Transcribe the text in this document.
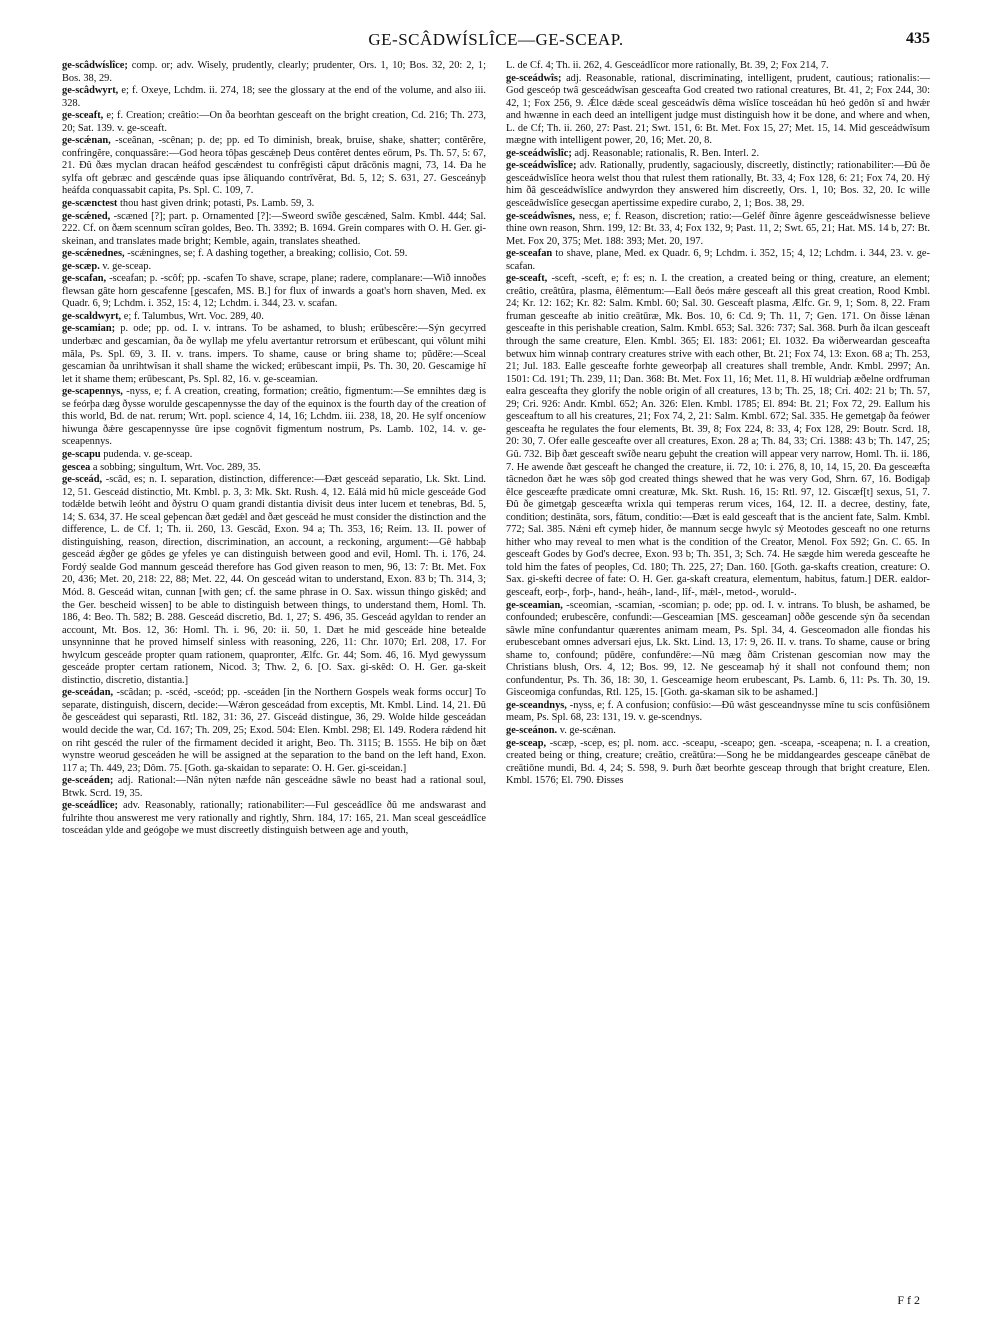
GE-SCÂDWÍSLÎCE—GE-SCEAP.	435

ge-scâdwíslîce; comp. or; adv. Wisely, prudently, clearly; prudenter, Ors. 1, 10; Bos. 32, 20: 2, 1; Bos. 38, 29.

ge-scâdwyrt, e; f. Oxeye, Lchdm. ii. 274, 18; see the glossary at the end of the volume, and also iii. 328.

ge-sceaft, e; f. Creation; creâtio:—On ða beorhtan gesceaft on the bright creation, Cd. 216; Th. 273, 20; Sat. 139. v. ge-sceaft.

ge-scǽnan, -sceânan, -scênan; p. de; pp. ed To diminish, break, bruise, shake, shatter; contĕrĕre, confringĕre, conquassâre:—God heora tôþas gescǽneþ Deus contĕret dentes eōrum, Ps. Th. 57, 5: 67, 21. Ðû ðæs myclan dracan heáfod gescǽndest tu confrēgisti căput drăcōnis magni, 73, 14. Ða he sylfa oft gebræc and gescǽnde quas ipse āliquando contrīvĕrat, Bd. 5, 12; S. 631, 27. Gesceányþ heáfda conquassabit capita, Ps. Spl. C. 109, 7.

ge-scænctest thou hast given drink; potasti, Ps. Lamb. 59, 3.

ge-scǽned, -scæned [?]; part. p. Ornamented [?]:—Sweord swîðe gescǽned, Salm. Kmbl. 444; Sal. 222. Cf. on ðæm scennum scîran goldes, Beo. Th. 3392; B. 1694. Grein compares with O. H. Ger. gi-skeinan, and translates made bright; Kemble, again, translates sheathed.

ge-scǽnednes, -scǽningnes, se; f. A dashing together, a breaking; collisio, Cot. 59.

ge-scæp. v. ge-sceap.

ge-scafan, -sceafan; p. -scôf; pp. -scafen To shave, scrape, plane; radere, complanare:—Wið innoðes flewsan gâte horn gescafenne [gescafen, MS. B.] for flux of inwards a goat's horn shaven, Med. ex Quadr. 6, 9; Lchdm. i. 352, 15: 4, 12; Lchdm. i. 344, 23. v. scafan.

ge-scaldwyrt, e; f. Talumbus, Wrt. Voc. 289, 40.

ge-scamian; p. ode; pp. od. I. v. intrans. To be ashamed, to blush; erŭbescĕre:—Sýn gecyrred underbæc and gescamian, ða ðe wyllaþ me yfelu avertantur retrorsum et erūbescant, qui vŏlunt mihi măla, Ps. Spl. 69, 3. II. v. trans. impers. To shame, cause or bring shame to; pŭdēre:—Sceal gescamian ða unrihtwîsan it shall shame the wicked; erūbescant impii, Ps. Th. 30, 20. Gescamige hî let it shame them; erūbescant, Ps. Spl. 82, 16. v. ge-sceamian.

ge-scapennys, -nyss, e; f. A creation, creating, formation; creâtio, figmentum:—Se emnihtes dæg is se feórþa dæg ðysse woruldе gescapennysse the day of the equinox is the fourth day of the creation of this world, Bd. de nat. rerum; Wrt. popl. science 4, 14, 16; Lchdm. iii. 238, 18, 20. He sylf onceníow hiwunga ðǽre gescapennysse ûre ipse cognōvit figmentum nostrum, Ps. Lamb. 102, 14. v. ge-sceapennys.

ge-scapu pudenda. v. ge-sceap.

gescea a sobbing; singultum, Wrt. Voc. 289, 35.

ge-sceád, -scâd, es; n. I. separation, distinction, difference:—Ðæt gesceád separatio, Lk. Skt. Lind. 12, 51. Gesceád distinctio, Mt. Kmbl. p. 3, 3: Mk. Skt. Rush. 4, 12. Eálá mid hû micle gesceáde God todǽlde betwih leóht and ðýstru O quam grandi distantia divisit deus inter lucem et tenebras, Bd. 5, 14; S. 634, 37. He sceal geþencan ðæt gedǽl and ðæt gesceád he must consider the distinction and the difference, L. de Cf. 1; Th. ii. 260, 13. Gescâd, Exon. 94 a; Th. 353, 16; Reim. 13. II. power of distinguishing, reason, direction, discrimination, an account, a reckoning, argument:—Gê habbaþ gesceád ǽgðer ge gôdes ge yfeles ye can distinguish between good and evil, Homl. Th. i. 176, 24. Fordý sealde God mannum gesceád therefore has God given reason to men, 96, 13: 7: Bt. Met. Fox 20, 436; Met. 20, 218: 22, 88; Met. 22, 44. On gesceád witan to understand, Exon. 83 b; Th. 314, 3; Mód. 8. Gesceád witan, cunnan [with gen; cf. the same phrase in O. Sax. wissun thingo giskêd; and the Ger. bescheid wissen] to be able to distinguish between things, to understand them, Homl. Th. 186, 4: Beo. Th. 582; B. 288. Gesceád discretio, Bd. 1, 27; S. 496, 35. Gesceád agyldan to render an account, Mt. Bos. 12, 36: Homl. Th. i. 96, 20: ii. 50, 1. Dæt he mid gesceáde hine betealde unsynninne that he proved himself sinless with reasoning, 226, 11: Chr. 1070; Erl. 208, 17. For hwylcum gesceáde propter quam rationem, quaprопter, Ælfc. Gr. 44; Som. 46, 16. Myd gewyssum gesceáde propter certam rationem, Nicod. 3; Thw. 2, 6. [O. Sax. gi-skêd: O. H. Ger. ga-skeit distinctio, discretio, distantia.]

ge-sceádan, -scâdan; p. -scéd, -sceód; pp. -sceáden [in the Northern Gospels weak forms occur] To separate, distinguish, discern, decide:—Wǽron gesceádad from exceptis, Mt. Kmbl. Lind. 14, 21. Ðû ðe gesceádest qui separasti, Rtl. 182, 31: 36, 27. Gisceád distingue, 36, 29. Wolde hilde gesceádan would decide the war, Cd. 167; Th. 209, 25; Exod. 504: Elen. Kmbl. 298; El. 149. Rodera rǽdend hit on riht gescéd the ruler of the firmament decided it aright, Beo. Th. 3115; B. 1555. He biþ on ðæt wynstre weorud gesceáden he will be assigned at the separation to the band on the left hand, Exon. 117 a; Th. 449, 23; Dôm. 75. [Goth. ga-skaidan to separate: O. H. Ger. gi-sceidan.]

ge-sceáden; adj. Rational:—Nân nýten næfde nân gesceádne sâwle no beast had a rational soul, Btwk. Scrd. 19, 35.

ge-sceádlîce; adv. Reasonably, rationally; rationabiliter:—Ful gesceádlîce ðû me andswarast and fulrihte thou answerest me very rationally and rightly, Shrn. 184, 17: 165, 21. Man sceal gesceádlîce tosceádan ylde and geógoþe we must discreetly distinguish between age and youth,

L. de Cf. 4; Th. ii. 262, 4. Gesceádlîcor more rationally, Bt. 39, 2; Fox 214, 7.

ge-sceádwîs; adj. Reasonable, rational, discriminating, intelligent, prudent, cautious; rationalis:—God gesceóp twâ gesceádwîsan gesceafta God created two rational creatures, Bt. 41, 2; Fox 244, 30: 42, 1; Fox 256, 9. Ǽlce dǽde sceal gesceádwîs dêma wîslîce tosceádan hû heó gedôn sî and hwǽr and hwænne in each deed an intelligent judge must distinguish how it be done, and where and when, L. de Cf; Th. ii. 260, 27: Past. 21; Swt. 151, 6: Bt. Met. Fox 15, 27; Met. 15, 14. Mid gesceádwîsum mægne with intelligent power, 20, 16; Met. 20, 8.

ge-sceádwîslîc; adj. Reasonable; rationalis, R. Ben. Interl. 2.

ge-sceádwîslîce; adv. Rationally, prudently, sagaciously, discreetly, distinctly; rationabiliter:—Ðû ðe gesceádwîslîce heora welst thou that rulest them rationally, Bt. 33, 4; Fox 128, 6: 21; Fox 74, 20. Hý him ðâ gesceádwîslîce andwyrdon they answered him discreetly, Ors. 1, 10; Bos. 32, 20. Ic wille gesceâdwîslîce gesecgan apertissime expedire curabo, 2, 1; Bos. 38, 29.

ge-sceádwîsnes, ness, e; f. Reason, discretion; ratio:—Geléf ðînre âgenre gesceádwîsnesse believe thine own reason, Shrn. 199, 12: Bt. 33, 4; Fox 132, 9; Past. 11, 2; Swt. 65, 21; Hat. MS. 14 b, 27: Bt. Met. Fox 20, 375; Met. 188: 393; Met. 20, 197.

ge-sceafan to shave, plane, Med. ex Quadr. 6, 9; Lchdm. i. 352, 15; 4, 12; Lchdm. i. 344, 23. v. ge-scafan.

ge-sceaft, -sceft, -sceft, e; f: es; n. I. the creation, a created being or thing, creature, an element; creâtio, creâtûra, plasma, êlĕmentum:—Eall ðeós mǽre gesceaft all this great creation, Rood Kmbl. 24; Kr. 12: 162; Kr. 82: Salm. Kmbl. 60; Sal. 30. Gesceaft plasma, Ælfc. Gr. 9, 1; Som. 8, 22. Fram fruman gesceafte ab initio creātūræ, Mk. Bos. 10, 6: Cd. 9; Th. 11, 7; Gen. 171. On ðisse lǽnan gesceafte in this perishable creation, Salm. Kmbl. 653; Sal. 326: 737; Sal. 368. Þurh ða ilcan gesceaft through the same creature, Elen. Kmbl. 365; El. 183: 2061; El. 1032. Ða wiðerweardan gesceafta betwux him winnaþ contrary creatures strive with each other, Bt. 21; Fox 74, 13: Exon. 68 a; Th. 253, 21; Jul. 183. Ealle gesceafte forhte geweorþaþ all creatures shall tremble, Andr. Kmbl. 2997; An. 1501: Cd. 191; Th. 239, 11; Dan. 368: Bt. Met. Fox 11, 16; Met. 11, 8. Hî wuldriaþ æðelne ordfruman ealra gesceafta they glorify the noble origin of all creatures, 13 b; Th. 25, 18; Cri. 402: 21 b; Th. 57, 29; Cri. 926: Andr. Kmbl. 652; An. 326: Elen. Kmbl. 1785; El. 894: Bt. 21; Fox 72, 29. Eallum his gesceaftum to all his creatures, 21; Fox 74, 2, 21: Salm. Kmbl. 672; Sal. 335. He gemetgaþ ða feówer gesceafta he regulates the four elements, Bt. 39, 8; Fox 224, 8: 33, 4; Fox 128, 29: Boutr. Scrd. 18, 20: 30, 7. Ofer ealle gesceafte over all creatures, Exon. 28 a; Th. 84, 33; Cri. 1388: 43 b; Th. 147, 25; Gû. 732. Biþ ðæt gesceaft swîðe nearu geþuht the creation will appear very narrow, Homl. Th. ii. 186, 7. He awende ðæt gesceaft he changed the creature, ii. 72, 10: i. 276, 8, 10, 14, 15, 20. Ða gesceæfta tâcnedon ðæt he wæs sôþ god created things shewed that he was very God, Shrn. 67, 16. Bodigaþ êlce gesceæfte prædicate omni creaturæ, Mk. Skt. Rush. 16, 15: Rtl. 97, 12. Giscæf[t] sexus, 51, 7. Ðû ðe gimetgaþ gesceæfta wrixla qui temperas rerum vices, 164, 12. II. a decree, destiny, fate, condition; destināta, sors, fātum, conditio:—Ðæt is eald gesceaft that is the ancient fate, Salm. Kmbl. 772; Sal. 385. Nǽni eft cymeþ hider, ðe mannum secge hwylc sý Meotodes gesceaft no one returns hither who may reveal to men what is the condition of the Creator, Menol. Fox 592; Gn. C. 65. In gesceaft Godes by God's decree, Exon. 93 b; Th. 351, 3; Sch. 74. He sægde him wereda gesceafte he told him the fates of peoples, Cd. 180; Th. 225, 27; Dan. 160. [Goth. ga-skafts creation, creature: O. Sax. gi-skefti decree of fate: O. H. Ger. ga-skaft creatura, elementum, habitus, fatum.] DER. ealdor-gesceaft, eorþ-, forþ-, hand-, heáh-, land-, lîf-, mǽl-, metod-, woruld-.

ge-sceamian, -sceomian, -scamian, -scomian; p. ode; pp. od. I. v. intrans. To blush, be ashamed, be confounded; erubescĕre, confundi:—Gesceamian [MS. gesceaman] oððe gescende sýn ða secendan sâwle mîne confundantur quærentes animam meam, Ps. Spl. 34, 4. Gesceomadon alle fiondas his erubescebant omnes adversari ejus, Lk. Skt. Lind. 13, 17: 9, 26. II. v. trans. To shame, cause or bring shame to, confound; pūdēre, confundēre:—Nû mæg ðâm Cristenan gescomian now may the Christians blush, Ors. 4, 12; Bos. 99, 12. Ne gesceamaþ hý it shall not confound them; non confundentur, Ps. Th. 36, 18: 30, 1. Gesceamige heom erubescant, Ps. Lamb. 6, 11: Ps. Th. 30, 19. Gisceomiga confundas, Rtl. 125, 15. [Goth. ga-skaman sik to be ashamed.]

ge-sceandnys, -nyss, e; f. A confusion; confūsio:—Ðû wâst gesceandnysse mîne tu scis confūsiōnem meam, Ps. Spl. 68, 23: 131, 19. v. ge-scendnys.

ge-sceánon. v. ge-scǽnan.

ge-sceap, -scæp, -scep, es; pl. nom. acc. -sceapu, -sceapo; gen. -sceapa, -sceapena; n. I. a creation, created being or thing, creature; creātio, creātūra:—Song he be middangeardes gesceape cānēbat de creātiōne mundi, Bd. 4, 24; S. 598, 9. Þurh ðæt beorhte gesceap through that bright creature, Elen. Kmbl. 1576; El. 790. Ðisses

F f 2
